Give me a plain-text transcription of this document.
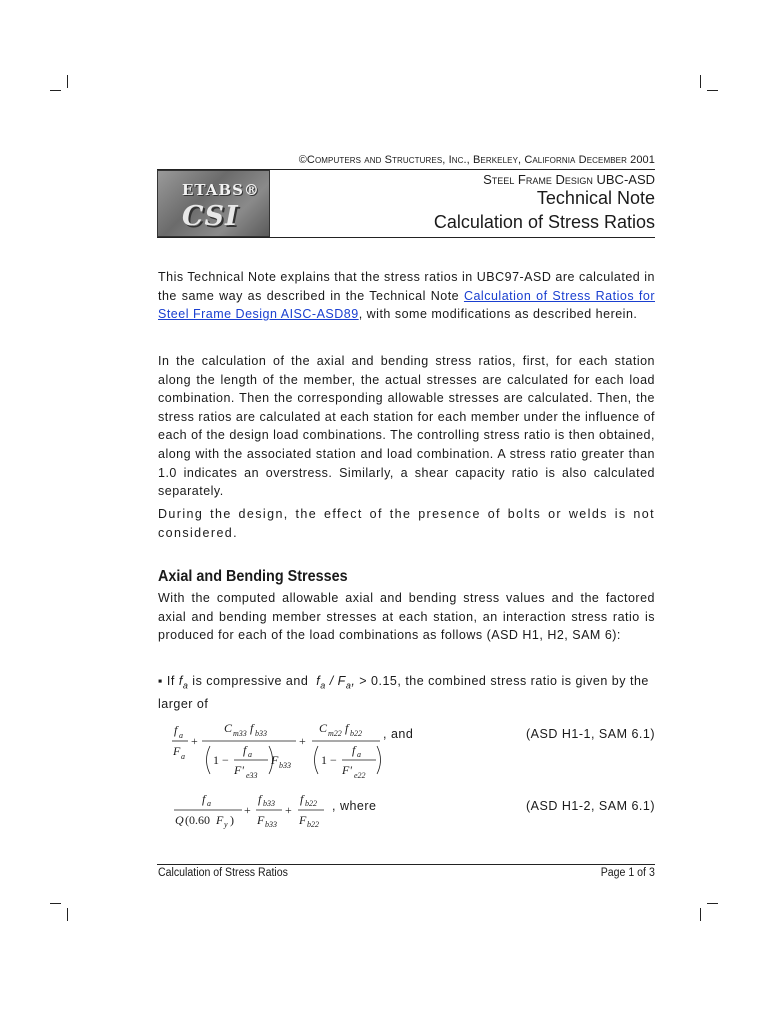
©Computers and Structures, Inc., Berkeley, California December 2001
ETABS®
CSI
Steel Frame Design UBC-ASD
Technical Note
Calculation of Stress Ratios
This Technical Note explains that the stress ratios in UBC97-ASD are calculated in the same way as described in the Technical Note Calculation of Stress Ratios for Steel Frame Design AISC-ASD89, with some modifications as described herein.
In the calculation of the axial and bending stress ratios, first, for each station along the length of the member, the actual stresses are calculated for each load combination. Then the corresponding allowable stresses are calculated. Then, the stress ratios are calculated at each station for each member under the influence of each of the design load combinations. The controlling stress ratio is then obtained, along with the associated station and load combination. A stress ratio greater than 1.0 indicates an overstress. Similarly, a shear capacity ratio is also calculated separately.
During the design, the effect of the presence of bolts or welds is not considered.
Axial and Bending Stresses
With the computed allowable axial and bending stress values and the factored axial and bending member stresses at each station, an interaction stress ratio is produced for each of the load combinations as follows (ASD H1, H2, SAM 6):
▪ If $f_a$ is compressive and  $f_a / F_a$, > 0.15, the combined stress ratio is given by the larger of
f a
F a
+
C m33 f b33
1 −
f a
F' e33
F b33
+
C m22 f b22
1 −
f a
F' e22
, and	(ASD H1-1, SAM 6.1)
f a
Q (0.60 F y )
+
f b33
F b33
+
f b22
F b22
, where	(ASD H1-2, SAM 6.1)
Calculation of Stress Ratios	Page 1 of 3
